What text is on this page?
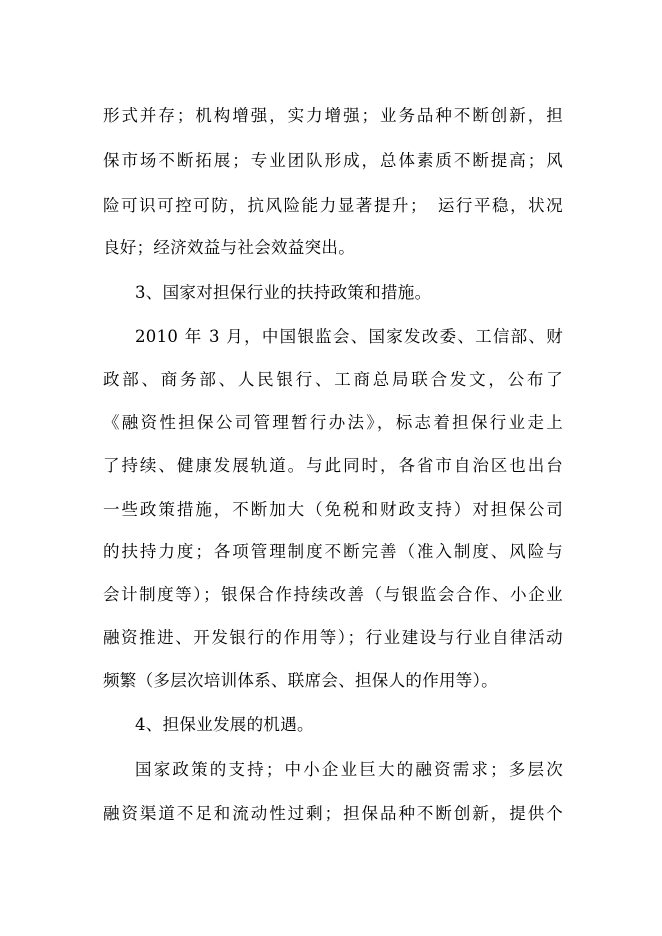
形式并存；机构增强，实力增强；业务品种不断创新，担
保市场不断拓展；专业团队形成，总体素质不断提高；风
险可识可控可防，抗风险能力显著提升；　运行平稳，状况
良好；经济效益与社会效益突出。
3、国家对担保行业的扶持政策和措施。
2010 年 3 月，中国银监会、国家发改委、工信部、财
政部、商务部、人民银行、工商总局联合发文，公布了
《融资性担保公司管理暂行办法》，标志着担保行业走上
了持续、健康发展轨道。与此同时，各省市自治区也出台
一些政策措施，不断加大（免税和财政支持）对担保公司
的扶持力度；各项管理制度不断完善（准入制度、风险与
会计制度等）；银保合作持续改善（与银监会合作、小企业
融资推进、开发银行的作用等）；行业建设与行业自律活动
频繁（多层次培训体系、联席会、担保人的作用等）。
4、担保业发展的机遇。
国家政策的支持；中小企业巨大的融资需求；多层次
融资渠道不足和流动性过剩；担保品种不断创新，提供个
